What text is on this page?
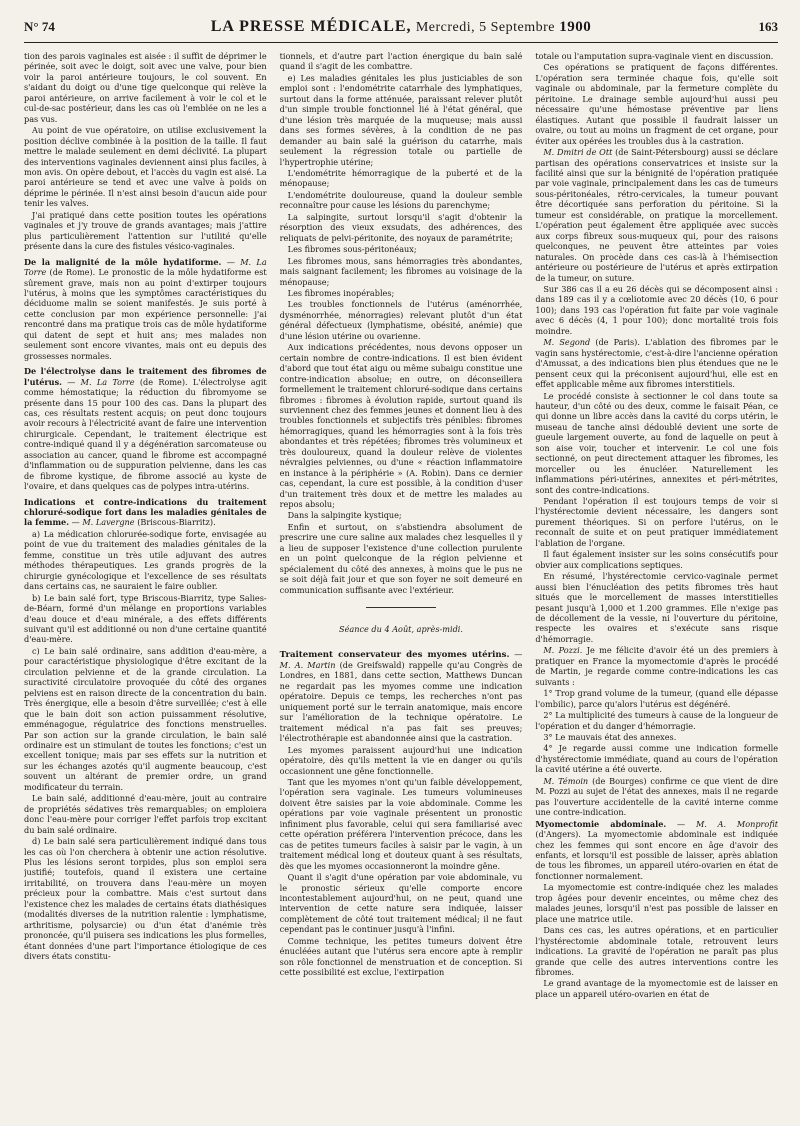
N° 74	LA PRESSE MÉDICALE, Mercredi, 5 Septembre 1900	163

tion des parois vaginales est aisée : il suffit de déprimer le périnée, soit avec le doigt, soit avec une valve, pour bien voir la paroi antérieure toujours, le col souvent. En s'aidant du doigt ou d'une tige quelconque qui relève la paroi antérieure, on arrive facilement à voir le col et le cul-de-sac postérieur, dans les cas où l'emblée on ne les a pas vus.

Au point de vue opératoire, on utilise exclusivement la position déclive combinée à la position de la taille. Il faut mettre le malade seulement en demi déclivité. La plupart des interventions vaginales deviennent ainsi plus faciles, à mon avis. On opère debout, et l'accès du vagin est aisé. La paroi antérieure se tend et avec une valve à poids on déprime le périnée. Il n'est ainsi besoin d'aucun aide pour tenir les valves.

J'ai pratiqué dans cette position toutes les opérations vaginales et j'y trouve de grands avantages; mais j'attire plus particulièrement l'attention sur l'utilité qu'elle présente dans la cure des fistules vésico-vaginales.

De la malignité de la môle hydatiforme. — M. La Torre (de Rome). Le pronostic de la môle hydatiforme est sûrement grave, mais non au point d'extirper toujours l'utérus, à moins que les symptômes caractéristiques du déciduome malin se soient manifestés. Je suis porté à cette conclusion par mon expérience personnelle: j'ai rencontré dans ma pratique trois cas de môle hydatiforme qui datent de sept et huit ans; mes malades non seulement sont encore vivantes, mais ont eu depuis des grossesses normales.

De l'électrolyse dans le traitement des fibromes de l'utérus. — M. La Torre (de Rome). L'électrolyse agit comme hémostatique; la réduction du fibromyome se présente dans 15 pour 100 des cas. Dans la plupart des cas, ces résultats restent acquis; on peut donc toujours avoir recours à l'électricité avant de faire une intervention chirurgicale. Cependant, le traitement électrique est contre-indiqué quand il y a dégénération sarcomateuse ou association au cancer, quand le fibrome est accompagné d'inflammation ou de suppuration pelvienne, dans les cas de fibrome kystique, de fibrome associé au kyste de l'ovaire, et dans quelques cas de polypes intra-utérins.

Indications et contre-indications du traitement chloruré-sodique fort dans les maladies génitales de la femme. — M. Lavergne (Briscous-Biarritz).

a) La médication chlorurée-sodique forte, envisagée au point de vue du traitement des maladies génitales de la femme, constitue un très utile adjuvant des autres méthodes thérapeutiques. Les grands progrès de la chirurgie gynécologique et l'excellence de ses résultats dans certains cas, ne sauraient le faire oublier.

b) Le bain salé fort, type Briscous-Biarritz, type Salies-de-Béarn, formé d'un mélange en proportions variables d'eau douce et d'eau minérale, a des effets différents suivant qu'il est additionné ou non d'une certaine quantité d'eau-mère.

c) Le bain salé ordinaire, sans addition d'eau-mère, a pour caractéristique physiologique d'être excitant de la circulation pelvienne et de la grande circulation. La suractivité circulatoire provoquée du côté des organes pelviens est en raison directe de la concentration du bain. Très énergique, elle a besoin d'être surveillée; c'est à elle que le bain doit son action puissamment résolutive, emménagogue, régulatrice des fonctions menstruelles. Par son action sur la grande circulation, le bain salé ordinaire est un stimulant de toutes les fonctions; c'est un excellent tonique; mais par ses effets sur la nutrition et sur les échanges azotés qu'il augmente beaucoup, c'est souvent un altérant de premier ordre, un grand modificateur du terrain.

Le bain salé, additionné d'eau-mère, jouit au contraire de propriétés sédatives très remarquables; on emploiera donc l'eau-mère pour corriger l'effet parfois trop excitant du bain salé ordinaire.

d) Le bain salé sera particulièrement indiqué dans tous les cas où l'on cherchera à obtenir une action résolutive. Plus les lésions seront torpides, plus son emploi sera justifié; toutefois, quand il existera une certaine irritabilité, on trouvera dans l'eau-mère un moyen précieux pour la combattre. Mais c'est surtout dans l'existence chez les malades de certains états diathésiques (modalités diverses de la nutrition ralentie : lymphatisme, arthritisme, polysarcie) ou d'un état d'anémie très prononcée, qu'il puisera ses indications les plus formelles, étant données d'une part l'importance étiologique de ces divers états constitu-

tionnels, et d'autre part l'action énergique du bain salé quand il s'agit de les combattre.

e) Les maladies génitales les plus justiciables de son emploi sont : l'endométrite catarrhale des lymphatiques, surtout dans la forme atténuée, paraissant relever plutôt d'un simple trouble fonctionnel lié à l'état général, que d'une lésion très marquée de la muqueuse; mais aussi dans ses formes sévères, à la condition de ne pas demander au bain salé la guérison du catarrhe, mais seulement la régression totale ou partielle de l'hypertrophie utérine;

L'endométrite hémorragique de la puberté et de la ménopause;

L'endométrite douloureuse, quand la douleur semble reconnaître pour cause les lésions du parenchyme;

La salpingite, surtout lorsqu'il s'agit d'obtenir la résorption des vieux exsudats, des adhérences, des reliquats de pelvi-péritonite, des noyaux de paramétrite;

Les fibromes sous-péritonéaux;

Les fibromes mous, sans hémorragies très abondantes, mais saignant facilement; les fibromes au voisinage de la ménopause;

Les fibromes inopérables;

Les troubles fonctionnels de l'utérus (aménorrhée, dysménorrhée, ménorragies) relevant plutôt d'un état général défectueux (lymphatisme, obésité, anémie) que d'une lésion utérine ou ovarienne.

Aux indications précédentes, nous devons opposer un certain nombre de contre-indications. Il est bien évident d'abord que tout état aigu ou même subaigu constitue une contre-indication absolue; en outre, on déconseillera formellement le traitement chloruré-sodique dans certains fibromes : fibromes à évolution rapide, surtout quand ils surviennent chez des femmes jeunes et donnent lieu à des troubles fonctionnels et subjectifs très pénibles: fibromes hémorragiques, quand les hémorragies sont à la fois très abondantes et très répétées; fibromes très volumineux et très douloureux, quand la douleur relève de violentes névralgies pelviennes, ou d'une « réaction inflammatoire en instance à la périphérie » (A. Robin). Dans ce dernier cas, cependant, la cure est possible, à la condition d'user d'un traitement très doux et de mettre les malades au repos absolu;

Dans la salpingite kystique;

Enfin et surtout, on s'abstiendra absolument de prescrire une cure saline aux malades chez lesquelles il y a lieu de supposer l'existence d'une collection purulente en un point quelconque de la région pelvienne et spécialement du côté des annexes, à moins que le pus ne se soit déjà fait jour et que son foyer ne soit demeuré en communication suffisante avec l'extérieur.

Séance du 4 Août, après-midi.

Traitement conservateur des myomes utérins. — M. A. Martin (de Greifswald) rappelle qu'au Congrès de Londres, en 1881, dans cette section, Matthews Duncan ne regardait pas les myomes comme une indication opératoire. Depuis ce temps, les recherches n'ont pas uniquement porté sur le terrain anatomique, mais encore sur l'amélioration de la technique opératoire. Le traitement médical n'a pas fait ses preuves; l'électrothérapie est abandonnée ainsi que la castration.

Les myomes paraissent aujourd'hui une indication opératoire, dès qu'ils mettent la vie en danger ou qu'ils occasionnent une gêne fonctionnelle.

Tant que les myomes n'ont qu'un faible développement, l'opération sera vaginale. Les tumeurs volumineuses doivent être saisies par la voie abdominale. Comme les opérations par voie vaginale présentent un pronostic infiniment plus favorable, celui qui sera familiarisé avec cette opération préférera l'intervention précoce, dans les cas de petites tumeurs faciles à saisir par le vagin, à un traitement médical long et douteux quant à ses résultats, dès que les myomes occasionneront la moindre gêne.

Quant il s'agit d'une opération par voie abdominale, vu le pronostic sérieux qu'elle comporte encore incontestablement aujourd'hui, on ne peut, quand une intervention de cette nature sera indiquée, laisser complètement de côté tout traitement médical; il ne faut cependant pas le continuer jusqu'à l'infini.

Comme technique, les petites tumeurs doivent être énucléées autant que l'utérus sera encore apte à remplir son rôle fonctionnel de menstruation et de conception. Si cette possibilité est exclue, l'extirpation

totale ou l'amputation supra-vaginale vient en discussion.

Ces opérations se pratiquent de façons différentes. L'opération sera terminée chaque fois, qu'elle soit vaginale ou abdominale, par la fermeture complète du péritoine. Le drainage semble aujourd'hui aussi peu nécessaire qu'une hémostase préventive par liens élastiques. Autant que possible il faudrait laisser un ovaire, ou tout au moins un fragment de cet organe, pour éviter aux opérées les troubles dus à la castration.

M. Dmitri de Ott (de Saint-Pétersbourg) aussi se déclare partisan des opérations conservatrices et insiste sur la facilité ainsi que sur la bénignité de l'opération pratiquée par voie vaginale, principalement dans les cas de tumeurs sous-péritonéales, rétro-cervicales, la tumeur pouvant être décortiquée sans perforation du péritoine. Si la tumeur est considérable, on pratique la morcellement. L'opération peut également être appliquée avec succès aux corps fibreux sous-muqueux qui, pour des raisons quelconques, ne peuvent être atteintes par voies naturales. On procède dans ces cas-là à l'hémisection antérieure ou postérieure de l'utérus et après extirpation de la tumeur, on suture.

Sur 386 cas il a eu 26 décès qui se décomposent ainsi : dans 189 cas il y a cœliotomie avec 20 décès (10, 6 pour 100); dans 193 cas l'opération fut faite par voie vaginale avec 6 décès (4, 1 pour 100); donc mortalité trois fois moindre.

M. Segond (de Paris). L'ablation des fibromes par le vagin sans hystérectomie, c'est-à-dire l'ancienne opération d'Amussat, a des indications bien plus étendues que ne le pensent ceux qui la préconisent aujourd'hui, elle est en effet applicable même aux fibromes interstitiels.

Le procédé consiste à sectionner le col dans toute sa hauteur, d'un côté ou des deux, comme le faisait Péan, ce qui donne un libre accès dans la cavité du corps utérin, le museau de tanche ainsi dédoublé devient une sorte de gueule largement ouverte, au fond de laquelle on peut à son aise voir, toucher et intervenir. Le col une fois sectionné, on peut directement attaquer les fibromes, les morceller ou les énucléer. Naturellement les inflammations péri-utérines, annexites et péri-métrites, sont des contre-indications.

Pendant l'opération il est toujours temps de voir si l'hystérectomie devient nécessaire, les dangers sont purement théoriques. Si on perfore l'utérus, on le reconnaît de suite et on peut pratiquer immédiatement l'ablation de l'organe.

Il faut également insister sur les soins consécutifs pour obvier aux complications septiques.

En résumé, l'hystérectomie cervico-vaginale permet aussi bien l'énucléation des petits fibromes très haut situés que le morcellement de masses interstitielles pesant jusqu'à 1,000 et 1.200 grammes. Elle n'exige pas de décollement de la vessie, ni l'ouverture du péritoine, respecte les ovaires et s'exécute sans risque d'hémorragie.

M. Pozzi. Je me félicite d'avoir été un des premiers à pratiquer en France la myomectomie d'après le procédé de Martin, je regarde comme contre-indications les cas suivants :

1° Trop grand volume de la tumeur, (quand elle dépasse l'ombilic), parce qu'alors l'utérus est dégénéré.

2° La multiplicité des tumeurs à cause de la longueur de l'opération et du danger d'hémorragie.

3° Le mauvais état des annexes.

4° Je regarde aussi comme une indication formelle d'hystérectomie immédiate, quand au cours de l'opération la cavité utérine a été ouverte.

M. Témoin (de Bourges) confirme ce que vient de dire M. Pozzi au sujet de l'état des annexes, mais il ne regarde pas l'ouverture accidentelle de la cavité interne comme une contre-indication.

Myomectomie abdominale. — M. A. Monprofit (d'Angers). La myomectomie abdominale est indiquée chez les femmes qui sont encore en âge d'avoir des enfants, et lorsqu'il est possible de laisser, après ablation de tous les fibromes, un appareil utéro-ovarien en état de fonctionner normalement.

La myomectomie est contre-indiquée chez les malades trop âgées pour devenir enceintes, ou même chez des malades jeunes, lorsqu'il n'est pas possible de laisser en place une matrice utile.

Dans ces cas, les autres opérations, et en particulier l'hystérectomie abdominale totale, retrouvent leurs indications. La gravité de l'opération ne paraît pas plus grande que celle des autres interventions contre les fibromes.

Le grand avantage de la myomectomie est de laisser en place un appareil utéro-ovarien en état de
